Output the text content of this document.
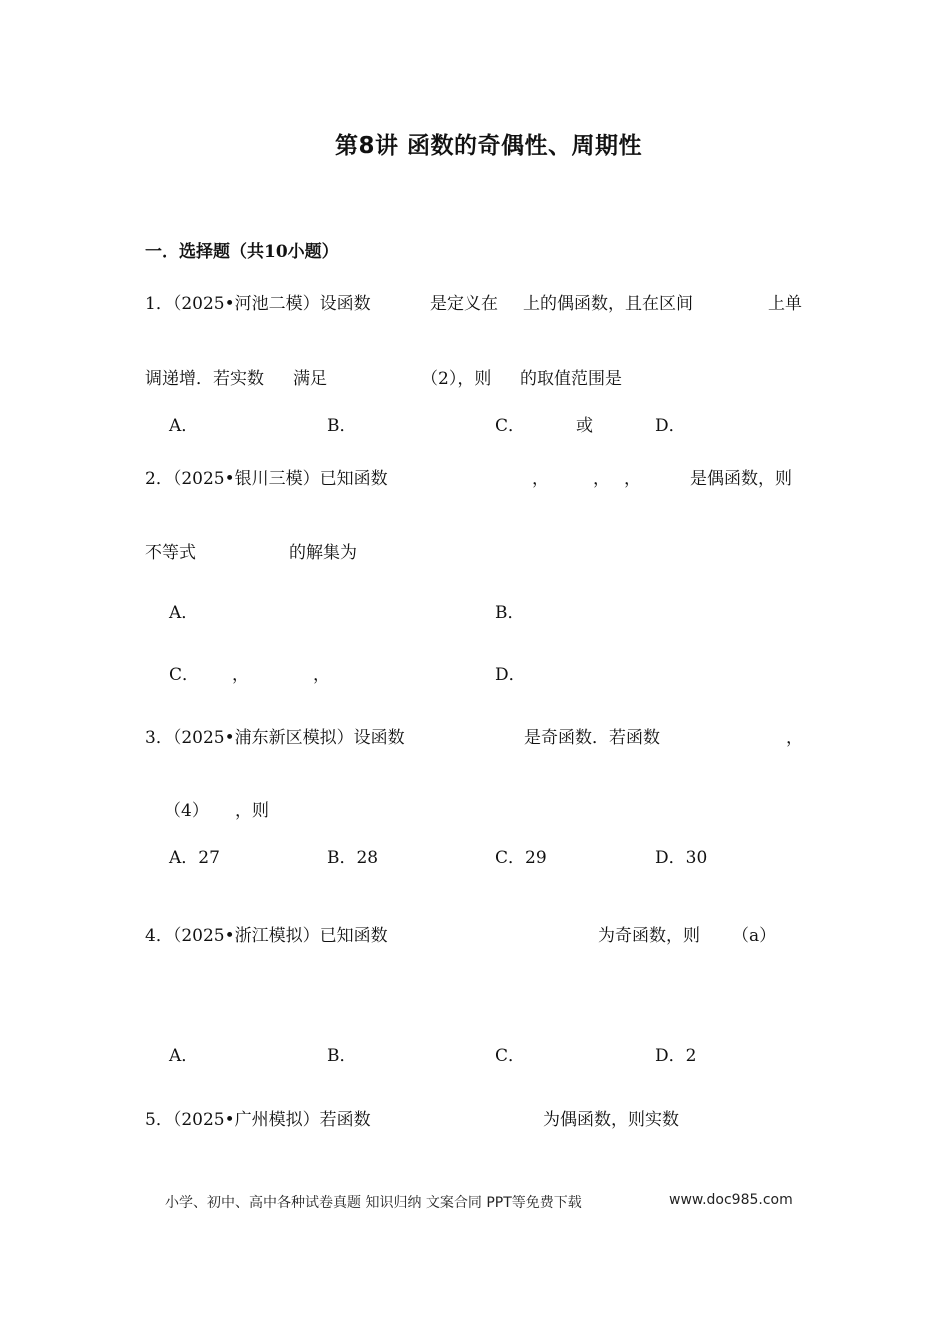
第8讲 函数的奇偶性、周期性
一．选择题（共10小题）
1．（2025•河池二模）设函数	是定义在 上的偶函数，且在区间	上单
调递增．若实数 满足	（2），则 的取值范围是
A．	B．	C．	或	D．
2．（2025•银川三模）已知函数	，	， ，	是偶函数，则
不等式	的解集为
A．	B．
C． ，	，	D．
3．（2025•浦东新区模拟）设函数	是奇函数．若函数	，
（4） ，则
A．27	B．28	C．29	D．30
4．（2025•浙江模拟）已知函数	为奇函数，则 （a）
A．	B．	C．	D．2
5．（2025•广州模拟）若函数	为偶函数，则实数
小学、初中、高中各种试卷真题 知识归纳 文案合同 PPT等免费下载	www.doc985.com
